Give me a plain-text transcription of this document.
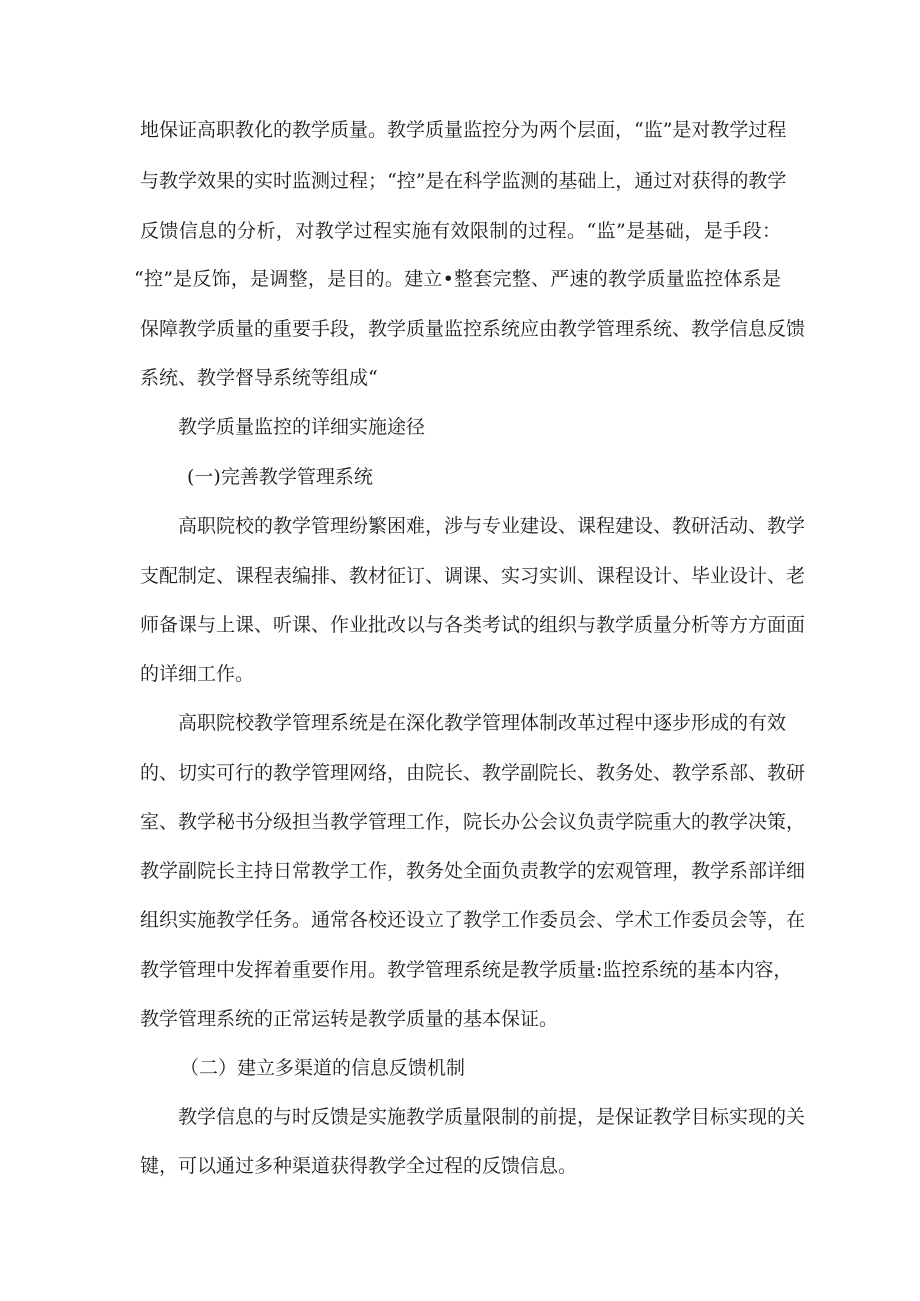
地保证高职教化的教学质量。教学质量监控分为两个层面，“监”是对教学过程
与教学效果的实时监测过程；“控”是在科学监测的基础上，通过对获得的教学
反馈信息的分析，对教学过程实施有效限制的过程。“监”是基础，是手段：
“控”是反饰，是调整，是目的。建立•整套完整、严速的教学质量监控体系是
保障教学质量的重要手段，教学质量监控系统应由教学管理系统、教学信息反馈
系统、教学督导系统等组成“
教学质量监控的详细实施途径
(一)完善教学管理系统
高职院校的教学管理纷繁困难，涉与专业建设、课程建设、教研活动、教学
支配制定、课程表编排、教材征订、调课、实习实训、课程设计、毕业设计、老
师备课与上课、听课、作业批改以与各类考试的组织与教学质量分析等方方面面
的详细工作。
高职院校教学管理系统是在深化教学管理体制改革过程中逐步形成的有效
的、切实可行的教学管理网络，由院长、教学副院长、教务处、教学系部、教研
室、教学秘书分级担当教学管理工作，院长办公会议负责学院重大的教学决策，
教学副院长主持日常教学工作，教务处全面负责教学的宏观管理，教学系部详细
组织实施教学任务。通常各校还设立了教学工作委员会、学术工作委员会等，在
教学管理中发挥着重要作用。教学管理系统是教学质量:监控系统的基本内容，
教学管理系统的正常运转是教学质量的基本保证。
（二）建立多渠道的信息反馈机制
教学信息的与时反馈是实施教学质量限制的前提，是保证教学目标实现的关
键，可以通过多种渠道获得教学全过程的反馈信息。
